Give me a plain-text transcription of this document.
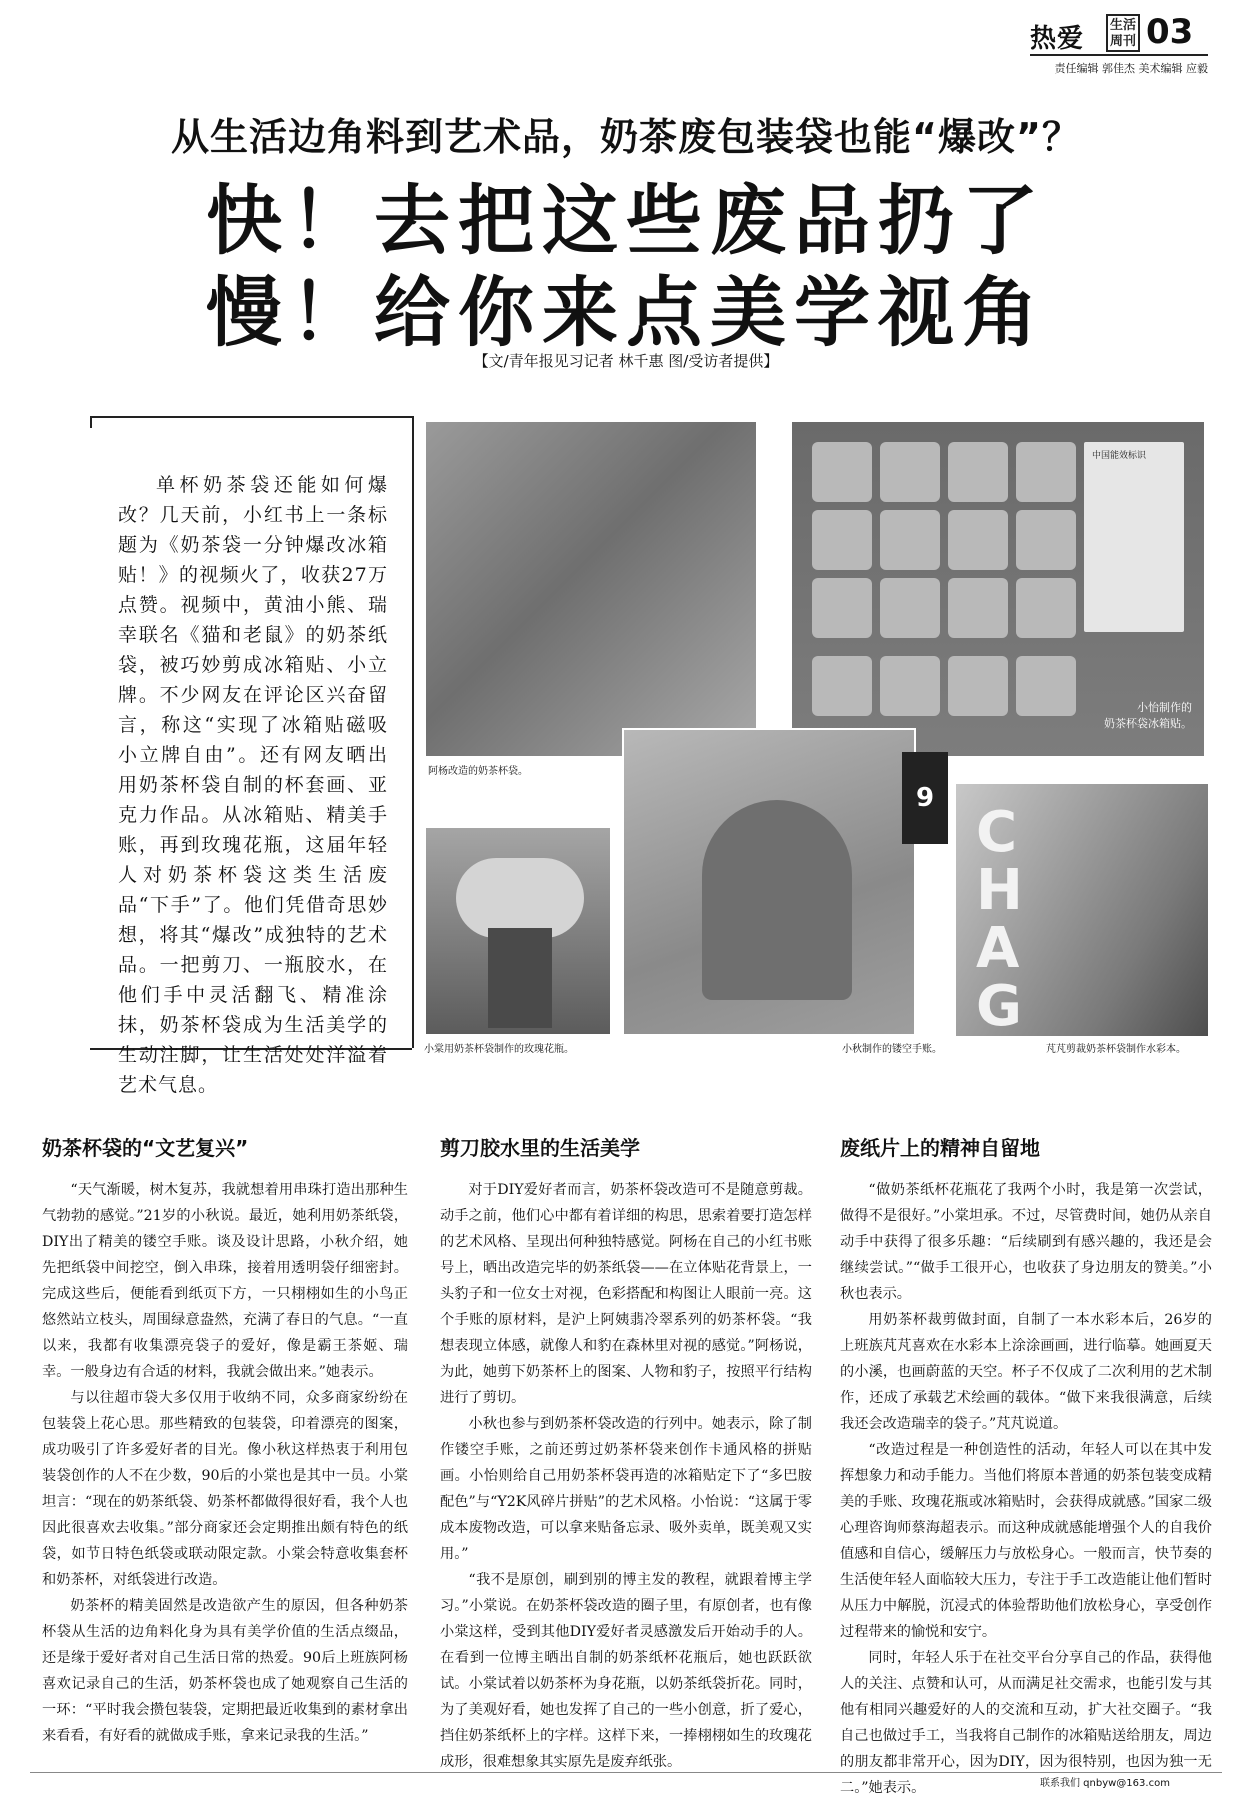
热爱	生活周刊 03
责任编辑 郭佳杰 美术编辑 应毅
从生活边角料到艺术品，奶茶废包装袋也能“爆改”？
快！去把这些废品扔了
慢！给你来点美学视角
【文/青年报见习记者 林千惠 图/受访者提供】

单杯奶茶袋还能如何爆改？几天前，小红书上一条标题为《奶茶袋一分钟爆改冰箱贴！》的视频火了，收获27万点赞。视频中，黄油小熊、瑞幸联名《猫和老鼠》的奶茶纸袋，被巧妙剪成冰箱贴、小立牌。不少网友在评论区兴奋留言，称这“实现了冰箱贴磁吸小立牌自由”。还有网友晒出用奶茶杯袋自制的杯套画、亚克力作品。从冰箱贴、精美手账，再到玫瑰花瓶，这届年轻人对奶茶杯袋这类生活废品“下手”了。他们凭借奇思妙想，将其“爆改”成独特的艺术品。一把剪刀、一瓶胶水，在他们手中灵活翻飞、精准涂抹，奶茶杯袋成为生活美学的生动注脚，让生活处处洋溢着艺术气息。

阿杨改造的奶茶杯袋。
中国能效标识
小怡制作的
奶茶杯袋冰箱贴。
9
小秋制作的镂空手账。
小棠用奶茶杯袋制作的玫瑰花瓶。
CHAG
芃芃剪裁奶茶杯袋制作水彩本。
奶茶杯袋的“文艺复兴”

“天气渐暖，树木复苏，我就想着用串珠打造出那种生气勃勃的感觉。”21岁的小秋说。最近，她利用奶茶纸袋，DIY出了精美的镂空手账。谈及设计思路，小秋介绍，她先把纸袋中间挖空，倒入串珠，接着用透明袋仔细密封。完成这些后，便能看到纸页下方，一只栩栩如生的小鸟正悠然站立枝头，周围绿意盎然，充满了春日的气息。“一直以来，我都有收集漂亮袋子的爱好，像是霸王茶姬、瑞幸。一般身边有合适的材料，我就会做出来。”她表示。

与以往超市袋大多仅用于收纳不同，众多商家纷纷在包装袋上花心思。那些精致的包装袋，印着漂亮的图案，成功吸引了许多爱好者的目光。像小秋这样热衷于利用包装袋创作的人不在少数，90后的小棠也是其中一员。小棠坦言：“现在的奶茶纸袋、奶茶杯都做得很好看，我个人也因此很喜欢去收集。”部分商家还会定期推出颇有特色的纸袋，如节日特色纸袋或联动限定款。小棠会特意收集套杯和奶茶杯，对纸袋进行改造。

奶茶杯的精美固然是改造欲产生的原因，但各种奶茶杯袋从生活的边角料化身为具有美学价值的生活点缀品，还是缘于爱好者对自己生活日常的热爱。90后上班族阿杨喜欢记录自己的生活，奶茶杯袋也成了她观察自己生活的一环：“平时我会攒包装袋，定期把最近收集到的素材拿出来看看，有好看的就做成手账，拿来记录我的生活。”

剪刀胶水里的生活美学

对于DIY爱好者而言，奶茶杯袋改造可不是随意剪裁。动手之前，他们心中都有着详细的构思，思索着要打造怎样的艺术风格、呈现出何种独特感觉。阿杨在自己的小红书账号上，晒出改造完毕的奶茶纸袋——在立体贴花背景上，一头豹子和一位女士对视，色彩搭配和构图让人眼前一亮。这个手账的原材料，是沪上阿姨翡冷翠系列的奶茶杯袋。“我想表现立体感，就像人和豹在森林里对视的感觉。”阿杨说，为此，她剪下奶茶杯上的图案、人物和豹子，按照平行结构进行了剪切。

小秋也参与到奶茶杯袋改造的行列中。她表示，除了制作镂空手账，之前还剪过奶茶杯袋来创作卡通风格的拼贴画。小怡则给自己用奶茶杯袋再造的冰箱贴定下了“多巴胺配色”与“Y2K风碎片拼贴”的艺术风格。小怡说：“这属于零成本废物改造，可以拿来贴备忘录、吸外卖单，既美观又实用。”

“我不是原创，刷到别的博主发的教程，就跟着博主学习。”小棠说。在奶茶杯袋改造的圈子里，有原创者，也有像小棠这样，受到其他DIY爱好者灵感激发后开始动手的人。在看到一位博主晒出自制的奶茶纸杯花瓶后，她也跃跃欲试。小棠试着以奶茶杯为身花瓶，以奶茶纸袋折花。同时，为了美观好看，她也发挥了自己的一些小创意，折了爱心，挡住奶茶纸杯上的字样。这样下来，一捧栩栩如生的玫瑰花成形，很难想象其实原先是废弃纸张。

废纸片上的精神自留地

“做奶茶纸杯花瓶花了我两个小时，我是第一次尝试，做得不是很好。”小棠坦承。不过，尽管费时间，她仍从亲自动手中获得了很多乐趣：“后续刷到有感兴趣的，我还是会继续尝试。”“做手工很开心，也收获了身边朋友的赞美。”小秋也表示。

用奶茶杯裁剪做封面，自制了一本水彩本后，26岁的上班族芃芃喜欢在水彩本上涂涂画画，进行临摹。她画夏天的小溪，也画蔚蓝的天空。杯子不仅成了二次利用的艺术制作，还成了承载艺术绘画的载体。“做下来我很满意，后续我还会改造瑞幸的袋子。”芃芃说道。

“改造过程是一种创造性的活动，年轻人可以在其中发挥想象力和动手能力。当他们将原本普通的奶茶包装变成精美的手账、玫瑰花瓶或冰箱贴时，会获得成就感。”国家二级心理咨询师蔡海超表示。而这种成就感能增强个人的自我价值感和自信心，缓解压力与放松身心。一般而言，快节奏的生活使年轻人面临较大压力，专注于手工改造能让他们暂时从压力中解脱，沉浸式的体验帮助他们放松身心，享受创作过程带来的愉悦和安宁。

同时，年轻人乐于在社交平台分享自己的作品，获得他人的关注、点赞和认可，从而满足社交需求，也能引发与其他有相同兴趣爱好的人的交流和互动，扩大社交圈子。“我自己也做过手工，当我将自己制作的冰箱贴送给朋友，周边的朋友都非常开心，因为DIY，因为很特别，也因为独一无二。”她表示。	联系我们 qnbyw@163.com
